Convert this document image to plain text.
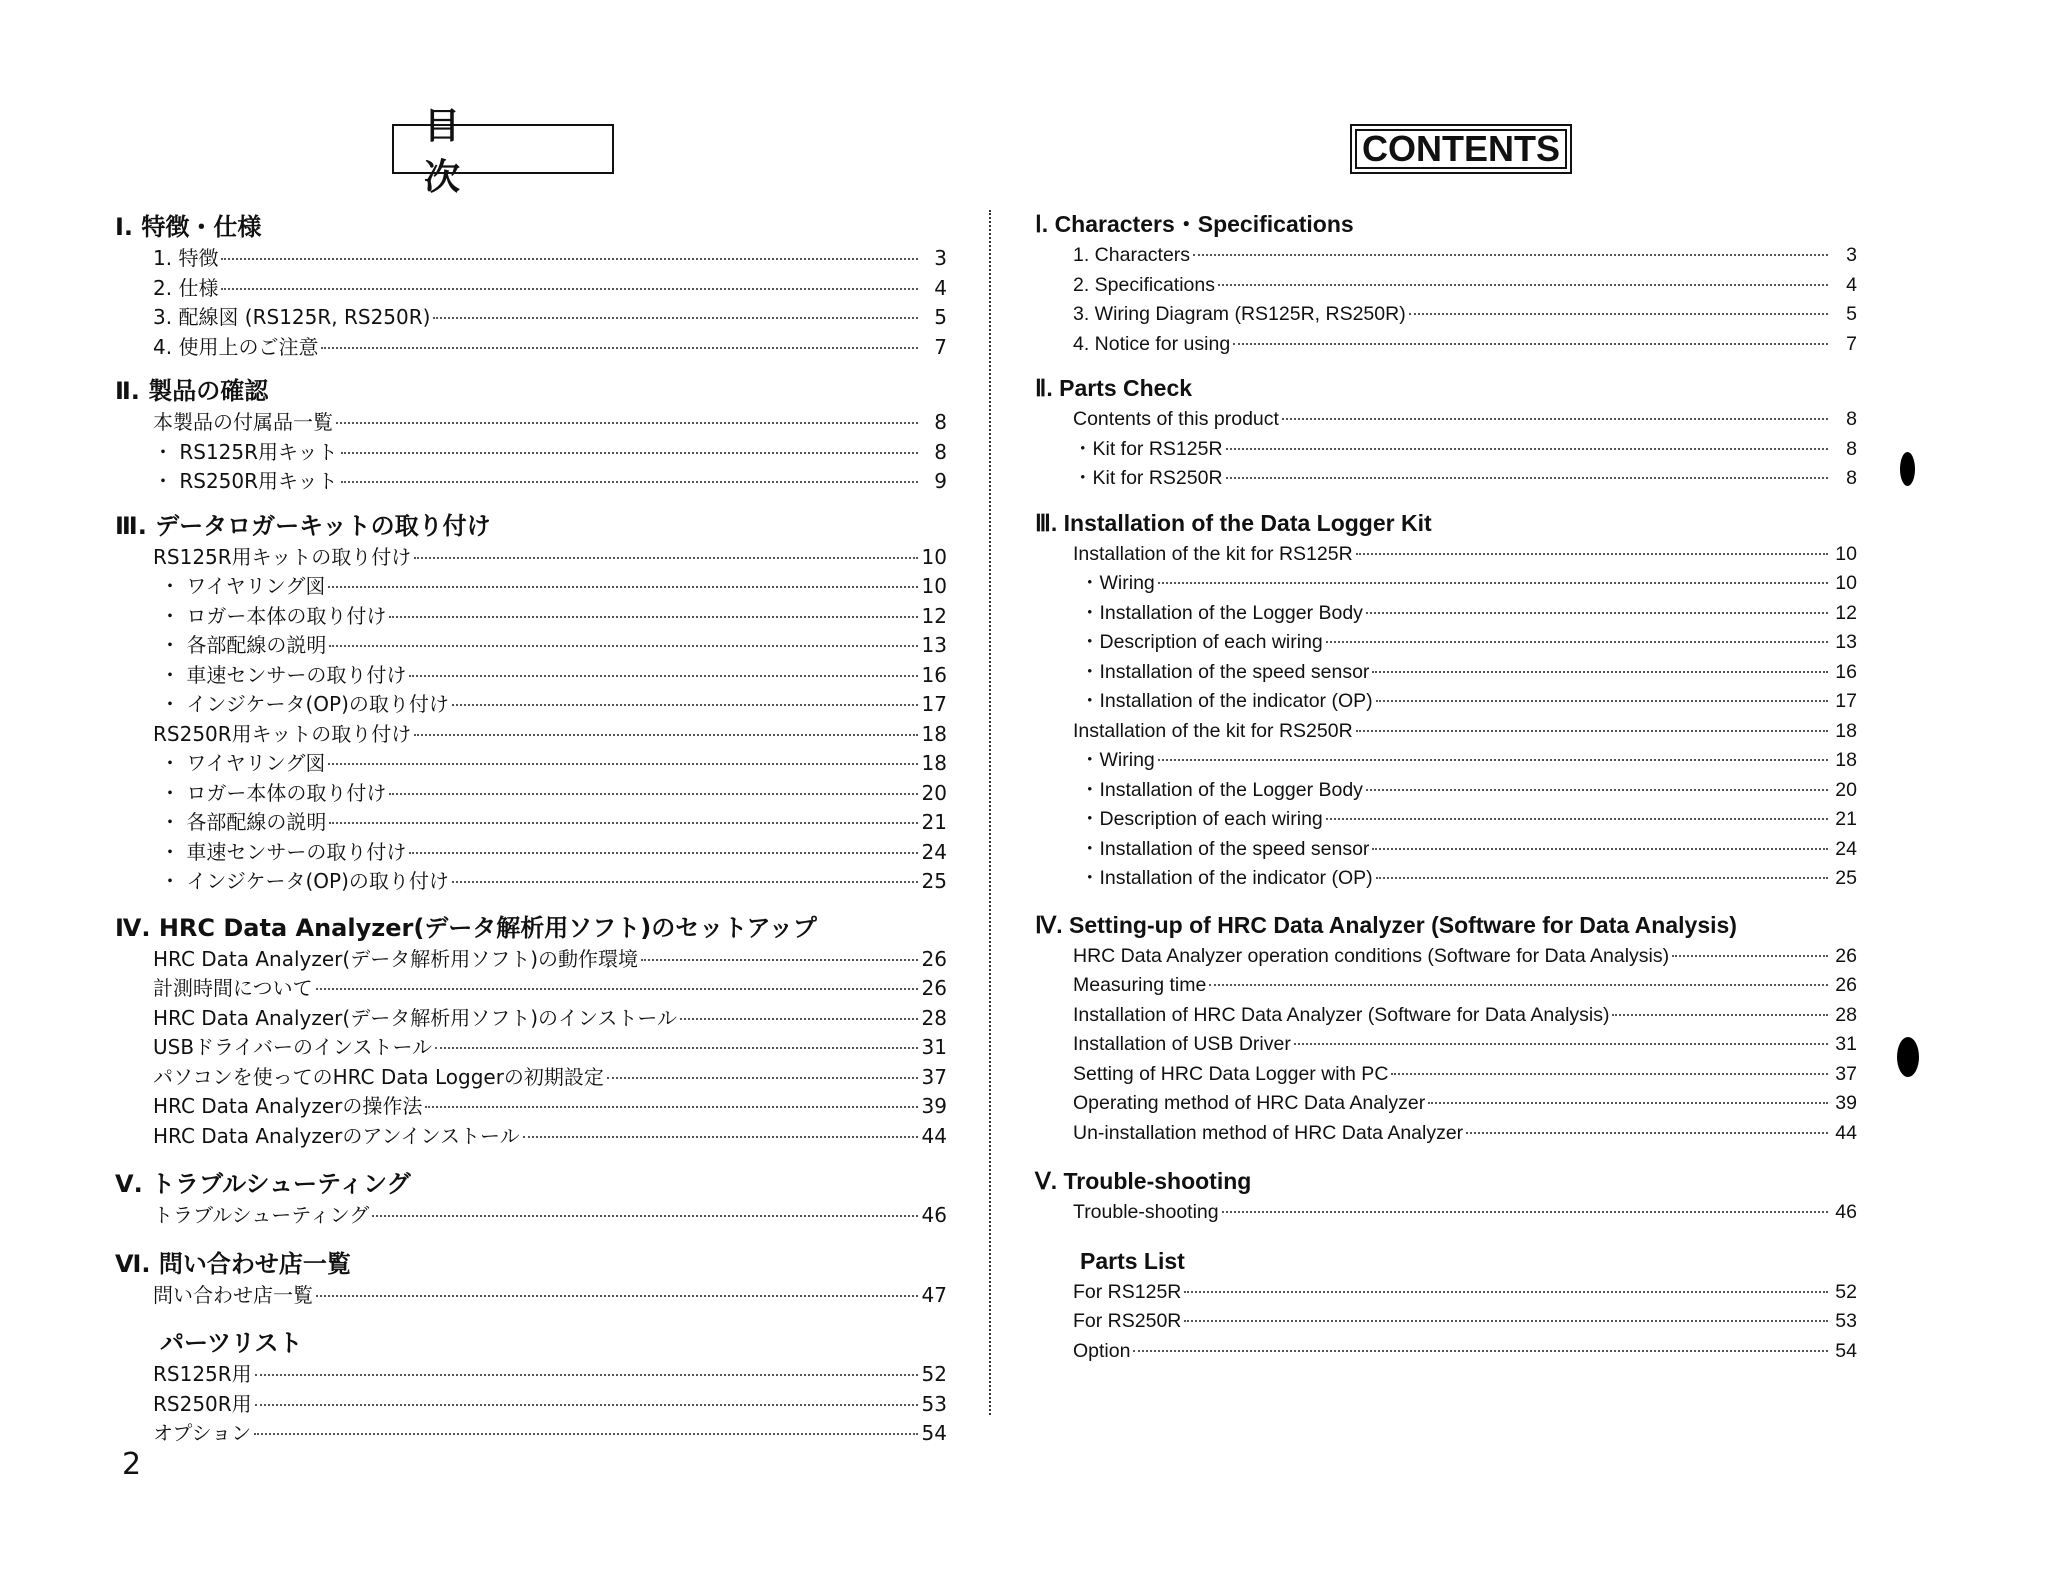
目　次
CONTENTS
Ⅰ. 特徴・仕様
1. 特徴	3
2. 仕様	4
3. 配線図 (RS125R, RS250R)	5
4. 使用上のご注意	7
Ⅱ. 製品の確認
本製品の付属品一覧	8
・ RS125R用キット	8
・ RS250R用キット	9
Ⅲ. データロガーキットの取り付け
RS125R用キットの取り付け	10
・ ワイヤリング図	10
・ ロガー本体の取り付け	12
・ 各部配線の説明	13
・ 車速センサーの取り付け	16
・ インジケータ(OP)の取り付け	17
RS250R用キットの取り付け	18
・ ワイヤリング図	18
・ ロガー本体の取り付け	20
・ 各部配線の説明	21
・ 車速センサーの取り付け	24
・ インジケータ(OP)の取り付け	25
Ⅳ. HRC Data Analyzer(データ解析用ソフト)のセットアップ
HRC Data Analyzer(データ解析用ソフト)の動作環境	26
計測時間について	26
HRC Data Analyzer(データ解析用ソフト)のインストール	28
USBドライバーのインストール	31
パソコンを使ってのHRC Data Loggerの初期設定	37
HRC Data Analyzerの操作法	39
HRC Data Analyzerのアンインストール	44
Ⅴ. トラブルシューティング
トラブルシューティング	46
Ⅵ. 問い合わせ店一覧
問い合わせ店一覧	47
パーツリスト
RS125R用	52
RS250R用	53
オプション	54
Ⅰ. Characters・Specifications
1. Characters	3
2. Specifications	4
3. Wiring Diagram (RS125R, RS250R)	5
4. Notice for using	7
Ⅱ. Parts Check
Contents of this product	8
・Kit for RS125R	8
・Kit for RS250R	8
Ⅲ. Installation of the Data Logger Kit
Installation of the kit for RS125R	10
・Wiring	10
・Installation of the Logger Body	12
・Description of each wiring	13
・Installation of the speed sensor	16
・Installation of the indicator (OP)	17
Installation of the kit for RS250R	18
・Wiring	18
・Installation of the Logger Body	20
・Description of each wiring	21
・Installation of the speed sensor	24
・Installation of the indicator (OP)	25
Ⅳ. Setting-up of HRC Data Analyzer (Software for Data Analysis)
HRC Data Analyzer operation conditions (Software for Data Analysis)	26
Measuring time	26
Installation of HRC Data Analyzer (Software for Data Analysis)	28
Installation of USB Driver	31
Setting of HRC Data Logger with PC	37
Operating method of HRC Data Analyzer	39
Un-installation method of HRC Data Analyzer	44
Ⅴ. Trouble-shooting
Trouble-shooting	46
Parts List
For RS125R	52
For RS250R	53
Option	54
2
